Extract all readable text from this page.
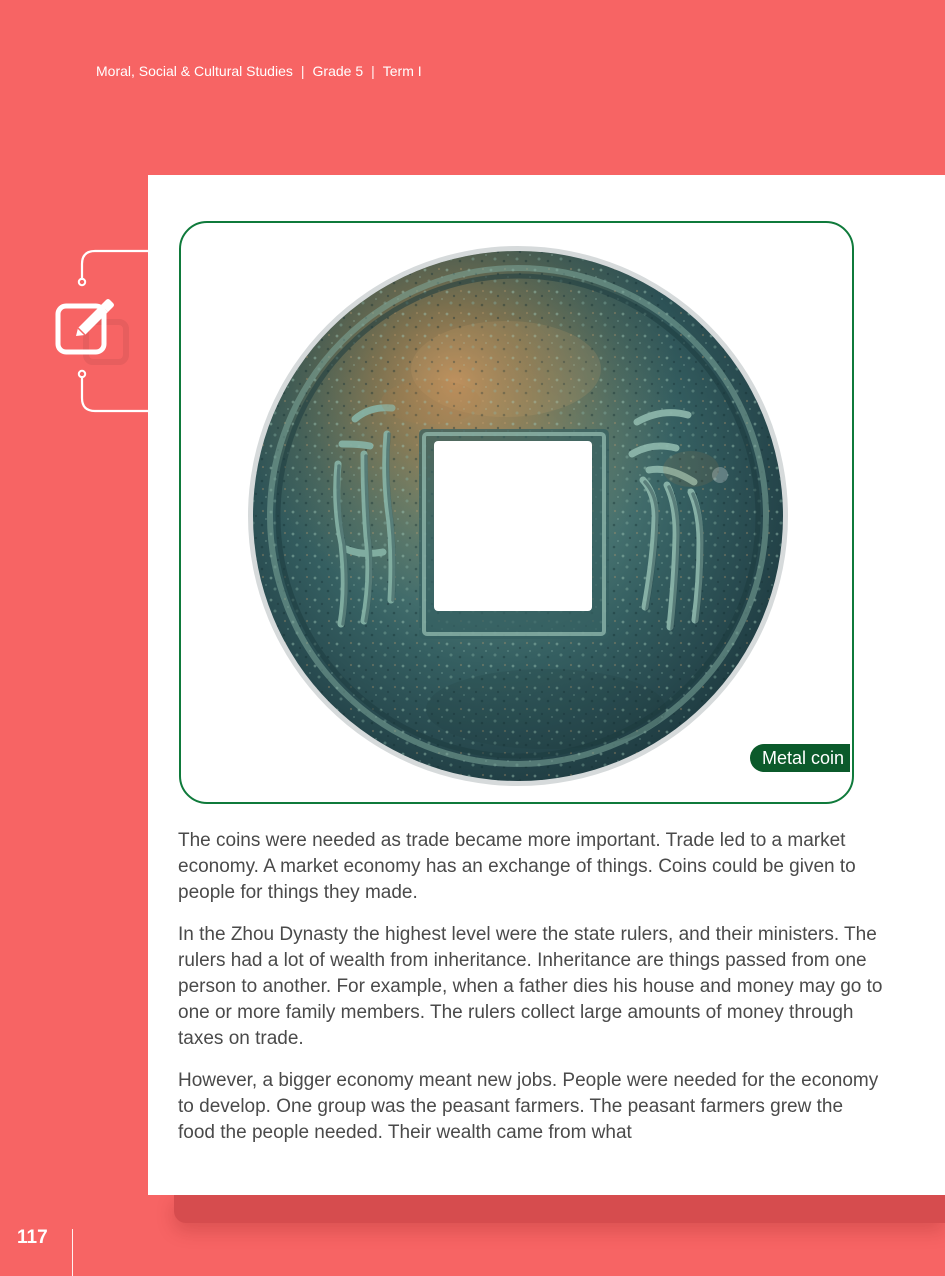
Moral, Social & Cultural Studies | Grade 5 | Term I
Metal coin

The coins were needed as trade became more important. Trade led to a market economy. A market economy has an exchange of things. Coins could be given to people for things they made.

In the Zhou Dynasty the highest level were the state rulers, and their ministers. The rulers had a lot of wealth from inheritance. Inheritance are things passed from one person to another. For example, when a father dies his house and money may go to one or more family members. The rulers collect large amounts of money through taxes on trade.

However, a bigger economy meant new jobs. People were needed for the economy to develop. One group was the peasant farmers. The peasant farmers grew the food the people needed. Their wealth came from what

117
